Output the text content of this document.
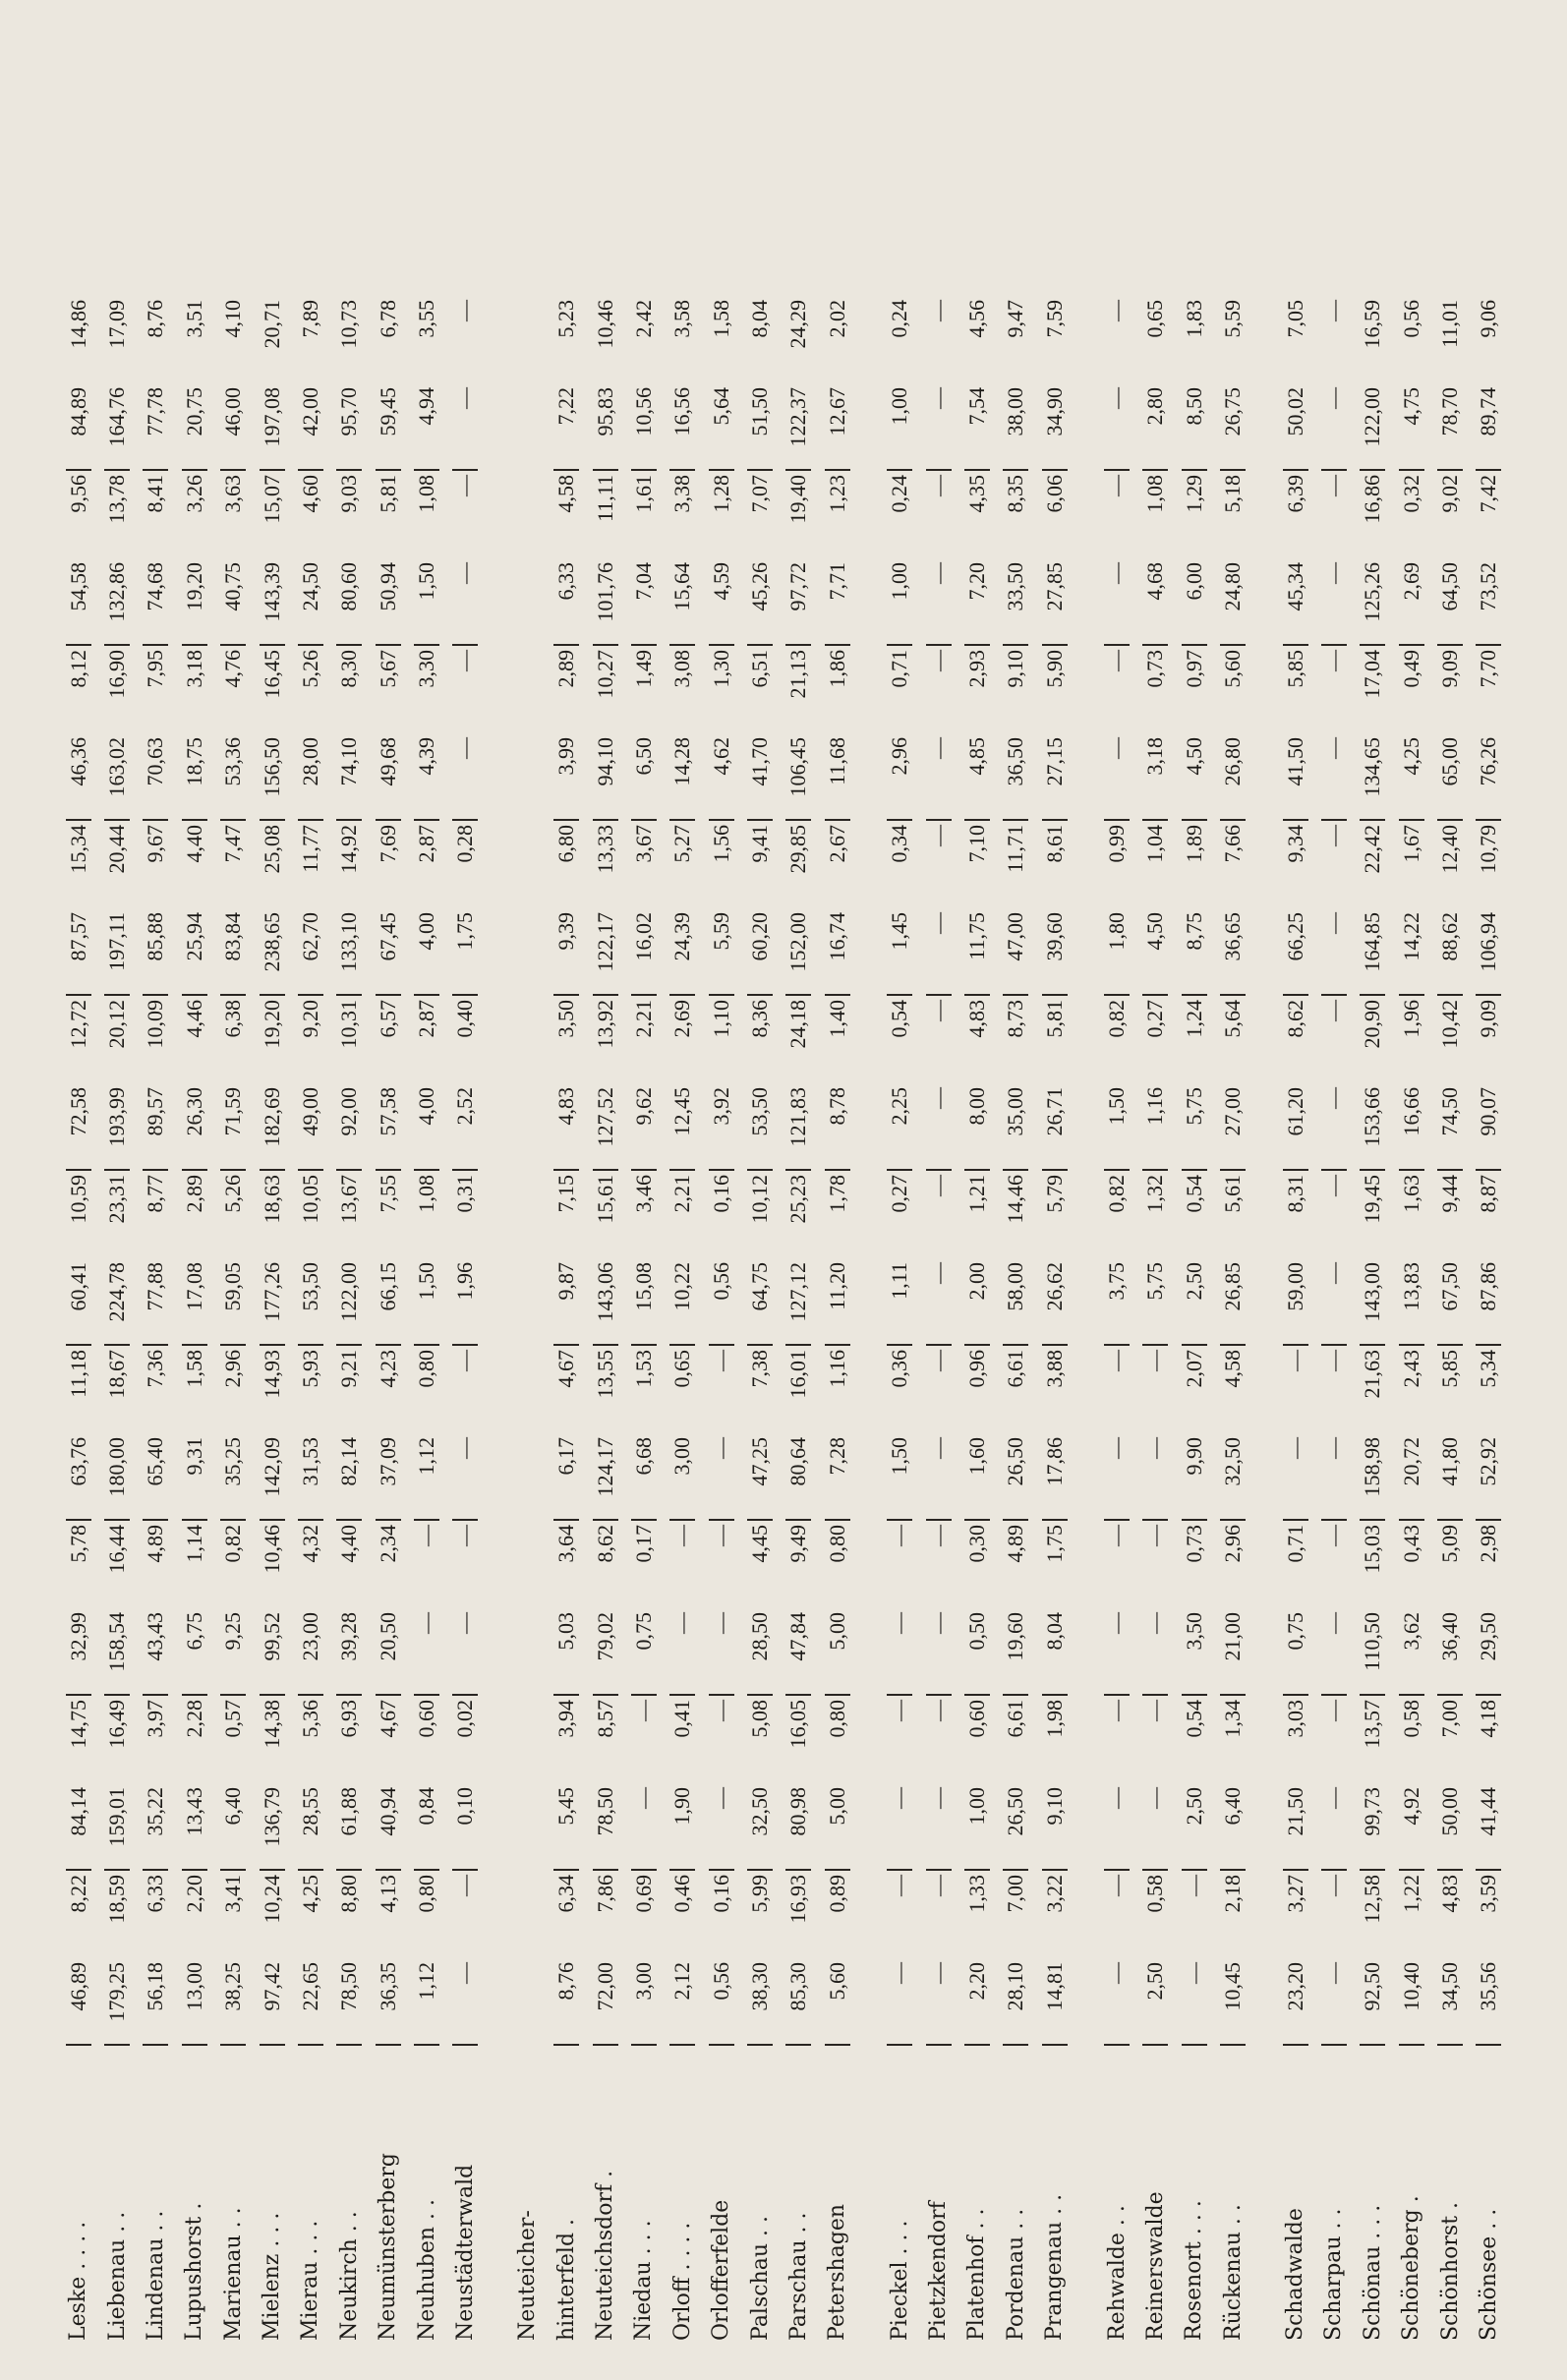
Leske . . . .
46,89
8,22
84,14
14,75
32,99
5,78
63,76
11,18
60,41
10,59
72,58
12,72
87,57
15,34
46,36
8,12
54,58
9,56
84,89
14,86
Liebenau . .
179,25
18,59
159,01
16,49
158,54
16,44
180,00
18,67
224,78
23,31
193,99
20,12
197,11
20,44
163,02
16,90
132,86
13,78
164,76
17,09
Lindenau . .
56,18
6,33
35,22
3,97
43,43
4,89
65,40
7,36
77,88
8,77
89,57
10,09
85,88
9,67
70,63
7,95
74,68
8,41
77,78
8,76
Lupushorst .
13,00
2,20
13,43
2,28
6,75
1,14
9,31
1,58
17,08
2,89
26,30
4,46
25,94
4,40
18,75
3,18
19,20
3,26
20,75
3,51
Marienau . .
38,25
3,41
6,40
0,57
9,25
0,82
35,25
2,96
59,05
5,26
71,59
6,38
83,84
7,47
53,36
4,76
40,75
3,63
46,00
4,10
Mielenz . . .
97,42
10,24
136,79
14,38
99,52
10,46
142,09
14,93
177,26
18,63
182,69
19,20
238,65
25,08
156,50
16,45
143,39
15,07
197,08
20,71
Mierau . . .
22,65
4,25
28,55
5,36
23,00
4,32
31,53
5,93
53,50
10,05
49,00
9,20
62,70
11,77
28,00
5,26
24,50
4,60
42,00
7,89
Neukirch . .
78,50
8,80
61,88
6,93
39,28
4,40
82,14
9,21
122,00
13,67
92,00
10,31
133,10
14,92
74,10
8,30
80,60
9,03
95,70
10,73
Neumünsterberg
36,35
4,13
40,94
4,67
20,50
2,34
37,09
4,23
66,15
7,55
57,58
6,57
67,45
7,69
49,68
5,67
50,94
5,81
59,45
6,78
Neuhuben . .
1,12
0,80
0,84
0,60
—
—
1,12
0,80
1,50
1,08
4,00
2,87
4,00
2,87
4,39
3,30
1,50
1,08
4,94
3,55
Neustädterwald
—
—
0,10
0,02
—
—
—
—
1,96
0,31
2,52
0,40
1,75
0,28
—
—
—
—
—
—
Neuteicher- hinterfeld .
8,76
6,34
5,45
3,94
5,03
3,64
6,17
4,67
9,87
7,15
4,83
3,50
9,39
6,80
3,99
2,89
6,33
4,58
7,22
5,23
Neuteichsdorf .
72,00
7,86
78,50
8,57
79,02
8,62
124,17
13,55
143,06
15,61
127,52
13,92
122,17
13,33
94,10
10,27
101,76
11,11
95,83
10,46
Niedau . . .
3,00
0,69
—
—
0,75
0,17
6,68
1,53
15,08
3,46
9,62
2,21
16,02
3,67
6,50
1,49
7,04
1,61
10,56
2,42
Orloff . . . .
2,12
0,46
1,90
0,41
—
—
3,00
0,65
10,22
2,21
12,45
2,69
24,39
5,27
14,28
3,08
15,64
3,38
16,56
3,58
Orlofferfelde
0,56
0,16
—
—
—
—
—
—
0,56
0,16
3,92
1,10
5,59
1,56
4,62
1,30
4,59
1,28
5,64
1,58
Palschau . .
38,30
5,99
32,50
5,08
28,50
4,45
47,25
7,38
64,75
10,12
53,50
8,36
60,20
9,41
41,70
6,51
45,26
7,07
51,50
8,04
Parschau . .
85,30
16,93
80,98
16,05
47,84
9,49
80,64
16,01
127,12
25,23
121,83
24,18
152,00
29,85
106,45
21,13
97,72
19,40
122,37
24,29
Petershagen
5,60
0,89
5,00
0,80
5,00
0,80
7,28
1,16
11,20
1,78
8,78
1,40
16,74
2,67
11,68
1,86
7,71
1,23
12,67
2,02
Pieckel . . .
—
—
—
—
—
—
1,50
0,36
1,11
0,27
2,25
0,54
1,45
0,34
2,96
0,71
1,00
0,24
1,00
0,24
Pietzkendorf
—
—
—
—
—
—
—
—
—
—
—
—
—
—
—
—
—
—
—
—
Platenhof . .
2,20
1,33
1,00
0,60
0,50
0,30
1,60
0,96
2,00
1,21
8,00
4,83
11,75
7,10
4,85
2,93
7,20
4,35
7,54
4,56
Pordenau . .
28,10
7,00
26,50
6,61
19,60
4,89
26,50
6,61
58,00
14,46
35,00
8,73
47,00
11,71
36,50
9,10
33,50
8,35
38,00
9,47
Prangenau . .
14,81
3,22
9,10
1,98
8,04
1,75
17,86
3,88
26,62
5,79
26,71
5,81
39,60
8,61
27,15
5,90
27,85
6,06
34,90
7,59
Rehwalde . .
—
—
—
—
—
—
—
—
3,75
0,82
1,50
0,82
1,80
0,99
—
—
—
—
—
—
Reinerswalde
2,50
0,58
—
—
—
—
—
—
5,75
1,32
1,16
0,27
4,50
1,04
3,18
0,73
4,68
1,08
2,80
0,65
Rosenort . . .
—
—
2,50
0,54
3,50
0,73
9,90
2,07
2,50
0,54
5,75
1,24
8,75
1,89
4,50
0,97
6,00
1,29
8,50
1,83
Rückenau . .
10,45
2,18
6,40
1,34
21,00
2,96
32,50
4,58
26,85
5,61
27,00
5,64
36,65
7,66
26,80
5,60
24,80
5,18
26,75
5,59
Schadwalde
23,20
3,27
21,50
3,03
0,75
0,71
—
—
59,00
8,31
61,20
8,62
66,25
9,34
41,50
5,85
45,34
6,39
50,02
7,05
Scharpau . .
—
—
—
—
—
—
—
—
—
—
—
—
—
—
—
—
—
—
—
—
Schönau . . .
92,50
12,58
99,73
13,57
110,50
15,03
158,98
21,63
143,00
19,45
153,66
20,90
164,85
22,42
134,65
17,04
125,26
16,86
122,00
16,59
Schöneberg .
10,40
1,22
4,92
0,58
3,62
0,43
20,72
2,43
13,83
1,63
16,66
1,96
14,22
1,67
4,25
0,49
2,69
0,32
4,75
0,56
Schönhorst .
34,50
4,83
50,00
7,00
36,40
5,09
41,80
5,85
67,50
9,44
74,50
10,42
88,62
12,40
65,00
9,09
64,50
9,02
78,70
11,01
Schönsee . .
35,56
3,59
41,44
4,18
29,50
2,98
52,92
5,34
87,86
8,87
90,07
9,09
106,94
10,79
76,26
7,70
73,52
7,42
89,74
9,06
